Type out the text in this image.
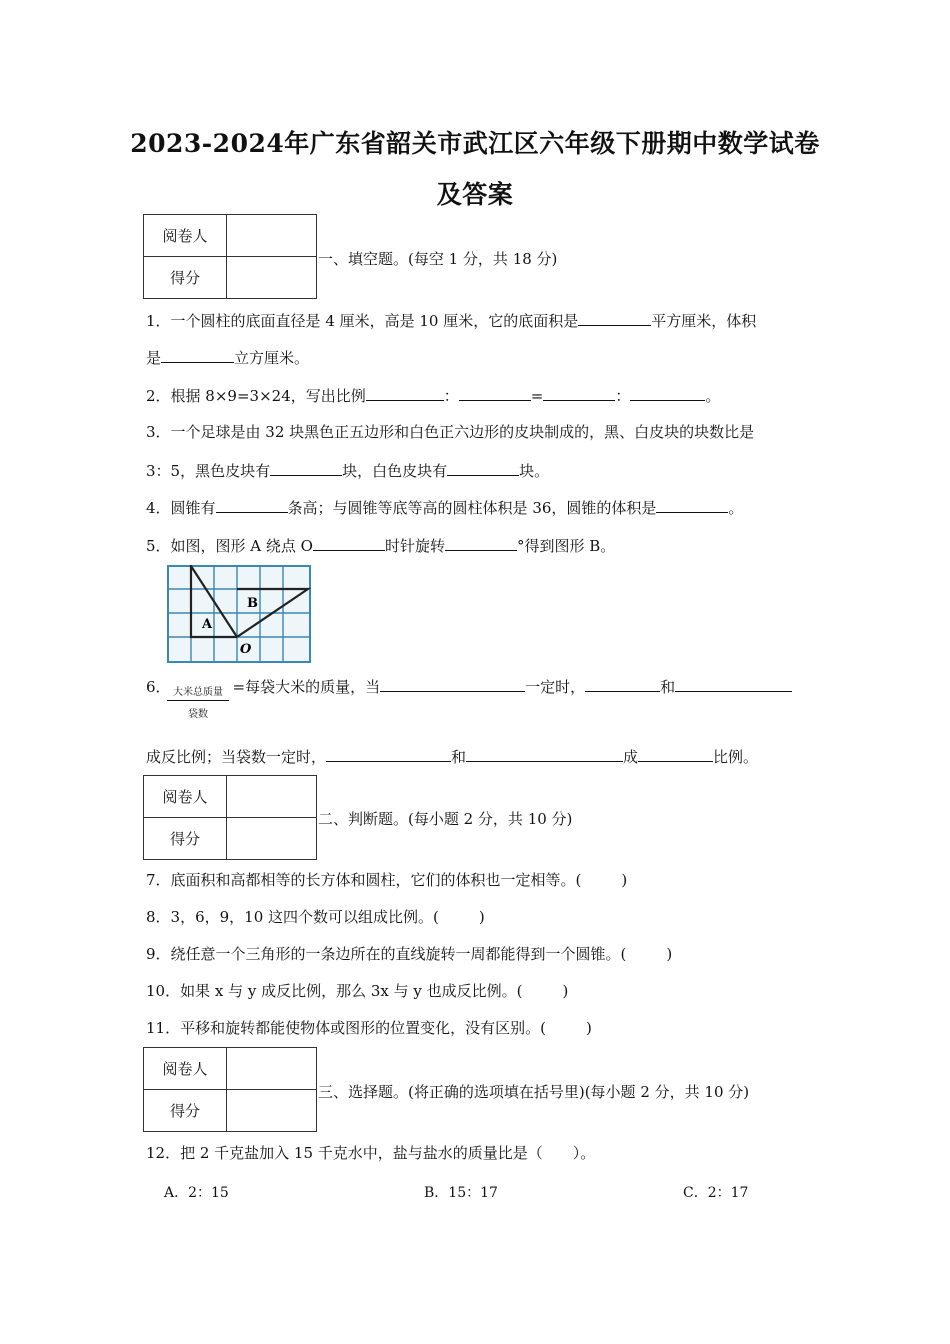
2023-2024年广东省韶关市武江区六年级下册期中数学试卷
及答案
阅卷人	
得分	
一、填空题。(每空 1 分，共 18 分)
1．一个圆柱的底面直径是 4 厘米，高是 10 厘米，它的底面积是	平方厘米，体积
是	立方厘米。
2．根据 8×9=3×24，写出比例	：	=	：	。
3．一个足球是由 32 块黑色正五边形和白色正六边形的皮块制成的，黑、白皮块的块数比是
3：5，黑色皮块有	块，白色皮块有	块。
4．圆锥有	条高；与圆锥等底等高的圆柱体积是 36，圆锥的体积是	。
5．如图，图形 A 绕点 O	时针旋转	°得到图形 B。
A
B
O
6．	=每袋大米的质量，当	一定时，	和
大米总质量
袋数
成反比例；当袋数一定时，	和	成	比例。
阅卷人	
得分	
二、判断题。(每小题 2 分，共 10 分)
7．底面积和高都相等的长方体和圆柱，它们的体积也一定相等。(	)
8．3，6，9，10 这四个数可以组成比例。(	)
9．绕任意一个三角形的一条边所在的直线旋转一周都能得到一个圆锥。(	)
10．如果 x 与 y 成反比例，那么 3x 与 y 也成反比例。(	)
11．平移和旋转都能使物体或图形的位置变化，没有区别。(	)
阅卷人	
得分	
三、选择题。(将正确的选项填在括号里)(每小题 2 分，共 10 分)
12．把 2 千克盐加入 15 千克水中，盐与盐水的质量比是（ ）。
A．2：15	B．15：17	C．2：17
